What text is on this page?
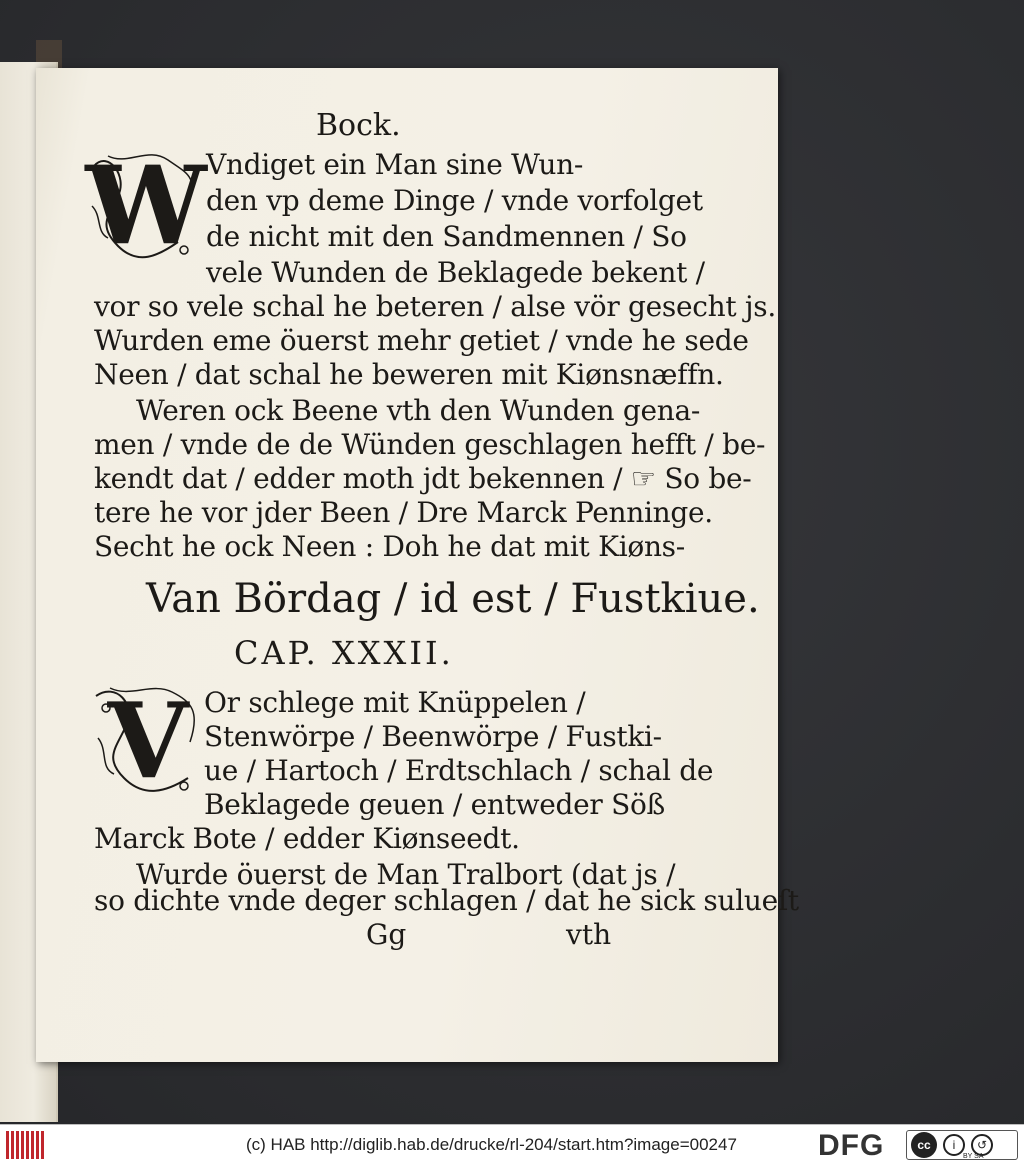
Bock.
W Vndiget ein Man sine Wun-
den vp deme Dinge / vnde vorfolget
de nicht mit den Sandmennen / So
vele Wunden de Beklagede bekent /
vor so vele schal he beteren / alse vör gesecht js.
Wurden eme öuerst mehr getiet / vnde he sede
Neen / dat schal he beweren mit Kiønsnæffn.
Weren ock Beene vth den Wunden gena-
men / vnde de de Wünden geschlagen hefft / be-
kendt dat / edder moth jdt bekennen / ☞ So be-
tere he vor jder Been / Dre Marck Penninge.
Secht he ock Neen : Doh he dat mit Kiøns-
Van Bördag / id est / Fustkiue.
CAP. XXXII.
V Or schlege mit Knüppelen /
Stenwörpe / Beenwörpe / Fustki-
ue / Hartoch / Erdtschlach / schal de
Beklagede geuen / entweder Söß
Marck Bote / edder Kiønseedt.
Wurde öuerst de Man Tralbort (dat js /
so dichte vnde deger schlagen / dat he sick sulueſt
Gg	vth
(c) HAB http://diglib.hab.de/drucke/rl-204/start.htm?image=00247	DFG	cc	i	↺
BY SA
